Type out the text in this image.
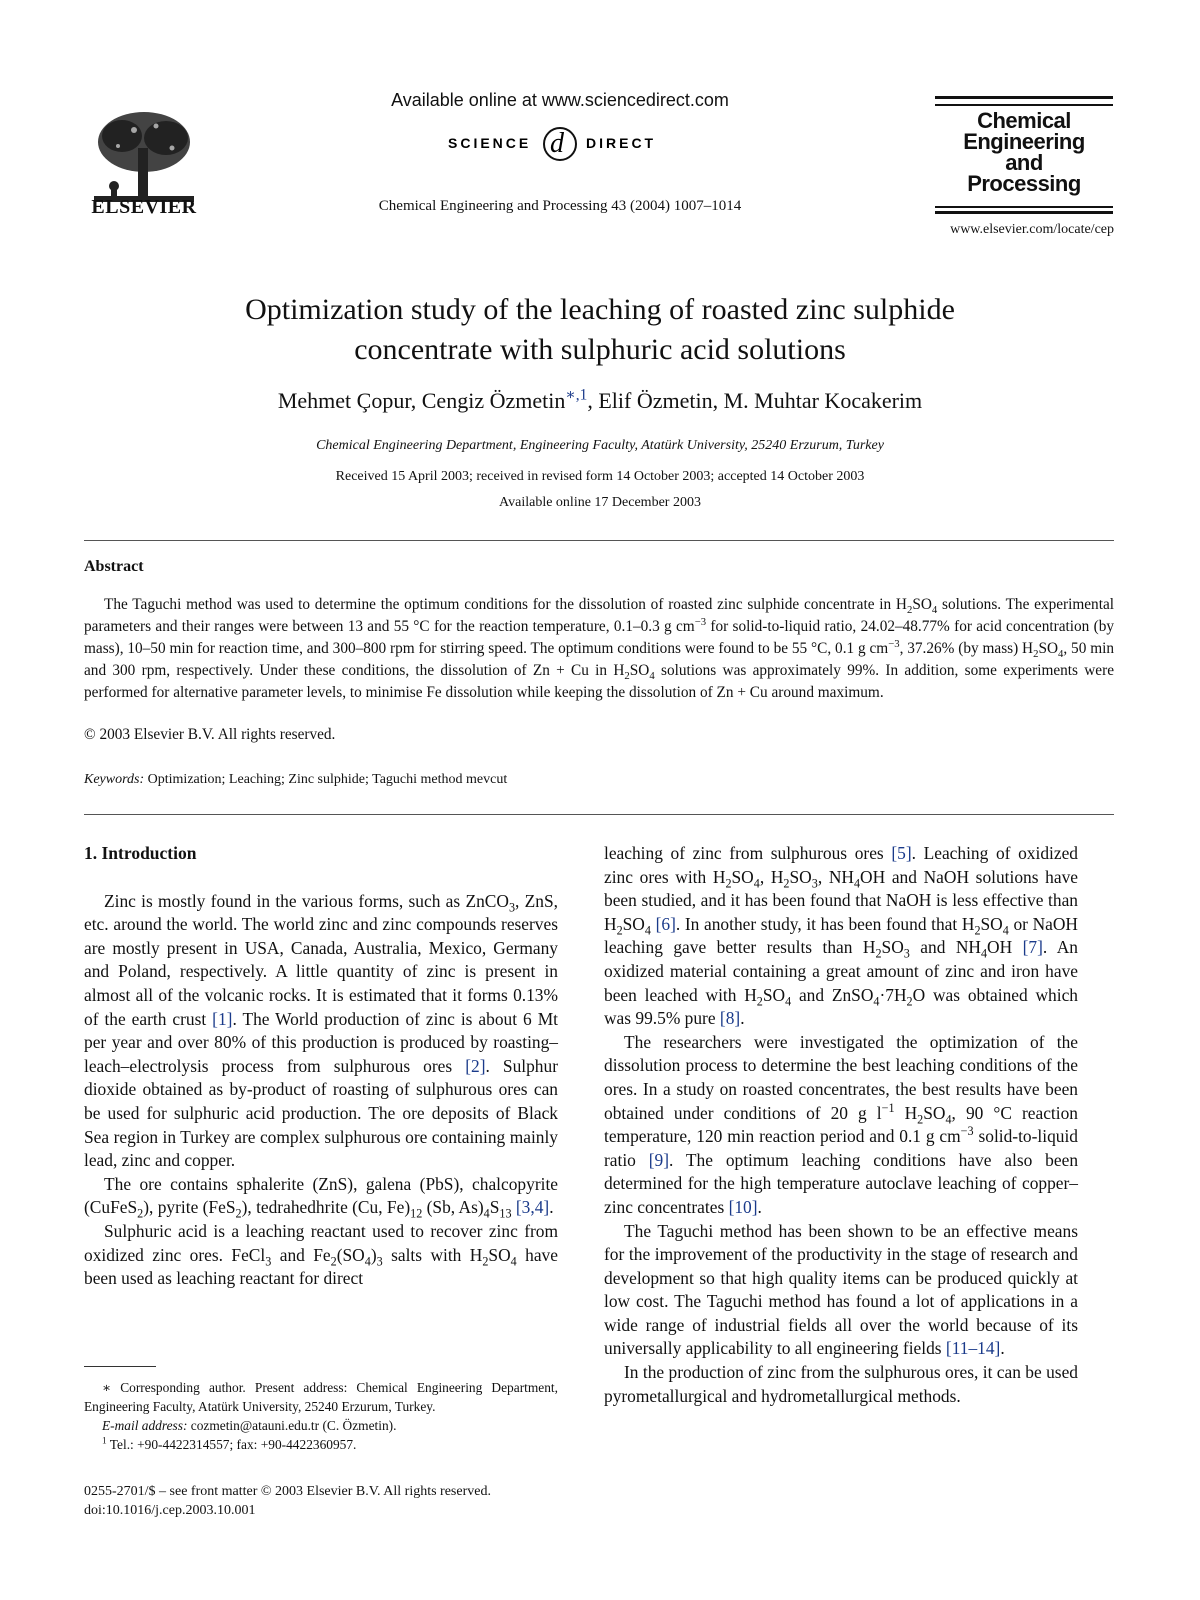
ELSEVIER
Available online at www.sciencedirect.com
SCIENCE d DIRECT
Chemical Engineering and Processing 43 (2004) 1007–1014
Chemical
Engineering
and
Processing
www.elsevier.com/locate/cep
Optimization study of the leaching of roasted zinc sulphide
concentrate with sulphuric acid solutions
Mehmet Çopur, Cengiz Özmetin$^{∗,1}$, Elif Özmetin, M. Muhtar Kocakerim
Chemical Engineering Department, Engineering Faculty, Atatürk University, 25240 Erzurum, Turkey
Received 15 April 2003; received in revised form 14 October 2003; accepted 14 October 2003
Available online 17 December 2003
Abstract

The Taguchi method was used to determine the optimum conditions for the dissolution of roasted zinc sulphide concentrate in $H_2SO_4$ solutions. The experimental parameters and their ranges were between 13 and 55 °C for the reaction temperature, 0.1–0.3 g $cm^{-3}$ for solid-to-liquid ratio, 24.02–48.77% for acid concentration (by mass), 10–50 min for reaction time, and 300–800 rpm for stirring speed. The optimum conditions were found to be 55 °C, 0.1 g $cm^{-3}$, 37.26% (by mass) $H_2SO_4$, 50 min and 300 rpm, respectively. Under these conditions, the dissolution of Zn + Cu in $H_2SO_4$ solutions was approximately 99%. In addition, some experiments were performed for alternative parameter levels, to minimise Fe dissolution while keeping the dissolution of Zn + Cu around maximum.

© 2003 Elsevier B.V. All rights reserved.
Keywords: Optimization; Leaching; Zinc sulphide; Taguchi method mevcut

1. Introduction

Zinc is mostly found in the various forms, such as ZnCO$_3$, ZnS, etc. around the world. The world zinc and zinc compounds reserves are mostly present in USA, Canada, Australia, Mexico, Germany and Poland, respectively. A little quantity of zinc is present in almost all of the volcanic rocks. It is estimated that it forms 0.13% of the earth crust [1]. The World production of zinc is about 6 Mt per year and over 80% of this production is produced by roasting–leach–electrolysis process from sulphurous ores [2]. Sulphur dioxide obtained as by-product of roasting of sulphurous ores can be used for sulphuric acid production. The ore deposits of Black Sea region in Turkey are complex sulphurous ore containing mainly lead, zinc and copper.

The ore contains sphalerite (ZnS), galena (PbS), chalcopyrite (CuFeS$_2$), pyrite (FeS$_2$), tedrahedhrite (Cu, $Fe)_{12}$ (Sb, $As)_4S_{13}$ [3,4].

Sulphuric acid is a leaching reactant used to recover zinc from oxidized zinc ores. FeCl$_3$ and $Fe_2(SO_4)_3$ salts with $H_2SO_4$ have been used as leaching reactant for direct

leaching of zinc from sulphurous ores [5]. Leaching of oxidized zinc ores with $H_2SO_4$, $H_2SO_3$, $NH_4OH$ and NaOH solutions have been studied, and it has been found that NaOH is less effective than $H_2SO_4$ [6]. In another study, it has been found that $H_2SO_4$ or NaOH leaching gave better results than $H_2SO_3$ and $NH_4OH$ [7]. An oxidized material containing a great amount of zinc and iron have been leached with $H_2SO_4$ and $ZnSO_4\cdot 7H_2O$ was obtained which was 99.5% pure [8].

The researchers were investigated the optimization of the dissolution process to determine the best leaching conditions of the ores. In a study on roasted concentrates, the best results have been obtained under conditions of 20 g $l^{-1}$ $H_2SO_4$, 90 °C reaction temperature, 120 min reaction period and 0.1 g $cm^{-3}$ solid-to-liquid ratio [9]. The optimum leaching conditions have also been determined for the high temperature autoclave leaching of copper–zinc concentrates [10].

The Taguchi method has been shown to be an effective means for the improvement of the productivity in the stage of research and development so that high quality items can be produced quickly at low cost. The Taguchi method has found a lot of applications in a wide range of industrial fields all over the world because of its universally applicability to all engineering fields [11–14].

In the production of zinc from the sulphurous ores, it can be used pyrometallurgical and hydrometallurgical methods.

∗ Corresponding author. Present address: Chemical Engineering Department, Engineering Faculty, Atatürk University, 25240 Erzurum, Turkey.

E-mail address: cozmetin@atauni.edu.tr (C. Özmetin).

$^1$ Tel.: +90-4422314557; fax: +90-4422360957.

0255-2701/$ – see front matter © 2003 Elsevier B.V. All rights reserved.
doi:10.1016/j.cep.2003.10.001
